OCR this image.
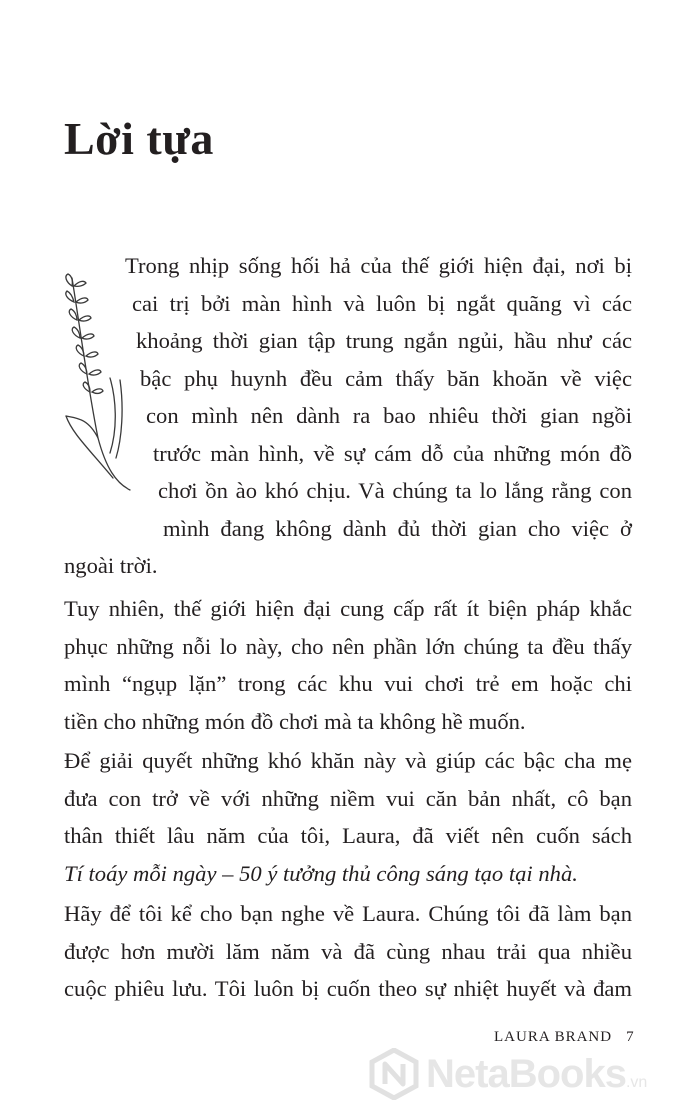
Lời tựa
Trong nhịp sống hối hả của thế giới hiện đại, nơi bị
cai trị bởi màn hình và luôn bị ngắt quãng vì các
khoảng thời gian tập trung ngắn ngủi, hầu như các
bậc phụ huynh đều cảm thấy băn khoăn về việc
con mình nên dành ra bao nhiêu thời gian ngồi
trước màn hình, về sự cám dỗ của những món đồ
chơi ồn ào khó chịu. Và chúng ta lo lắng rằng con
mình đang không dành đủ thời gian cho việc ở
ngoài trời.
Tuy nhiên, thế giới hiện đại cung cấp rất ít biện pháp khắc
phục những nỗi lo này, cho nên phần lớn chúng ta đều thấy
mình “ngụp lặn” trong các khu vui chơi trẻ em hoặc chi
tiền cho những món đồ chơi mà ta không hề muốn.
Để giải quyết những khó khăn này và giúp các bậc cha mẹ
đưa con trở về với những niềm vui căn bản nhất, cô bạn
thân thiết lâu năm của tôi, Laura, đã viết nên cuốn sách
Tí toáy mỗi ngày – 50 ý tưởng thủ công sáng tạo tại nhà.
Hãy để tôi kể cho bạn nghe về Laura. Chúng tôi đã làm bạn
được hơn mười lăm năm và đã cùng nhau trải qua nhiều
cuộc phiêu lưu. Tôi luôn bị cuốn theo sự nhiệt huyết và đam
LAURA BRAND 7
NetaBooks.vn
